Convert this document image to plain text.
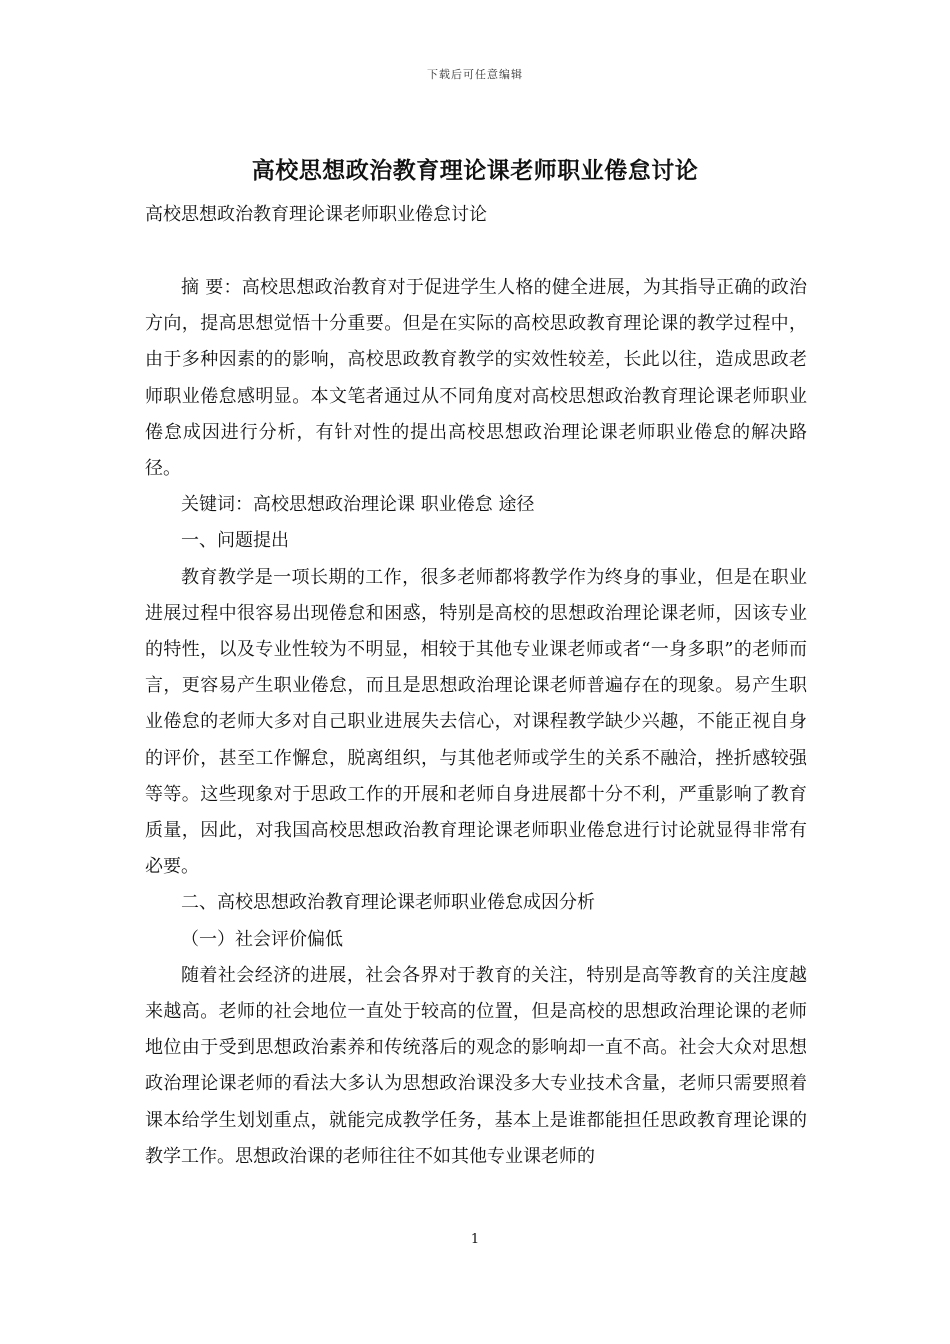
下载后可任意编辑
高校思想政治教育理论课老师职业倦怠讨论
高校思想政治教育理论课老师职业倦怠讨论

摘 要：高校思想政治教育对于促进学生人格的健全进展，为其指导正确的政治方向，提高思想觉悟十分重要。但是在实际的高校思政教育理论课的教学过程中，由于多种因素的的影响，高校思政教育教学的实效性较差，长此以往，造成思政老师职业倦怠感明显。本文笔者通过从不同角度对高校思想政治教育理论课老师职业倦怠成因进行分析，有针对性的提出高校思想政治理论课老师职业倦怠的解决路径。

关键词：高校思想政治理论课 职业倦怠 途径

一、问题提出

教育教学是一项长期的工作，很多老师都将教学作为终身的事业，但是在职业进展过程中很容易出现倦怠和困惑，特别是高校的思想政治理论课老师，因该专业的特性，以及专业性较为不明显，相较于其他专业课老师或者“一身多职”的老师而言，更容易产生职业倦怠，而且是思想政治理论课老师普遍存在的现象。易产生职业倦怠的老师大多对自己职业进展失去信心，对课程教学缺少兴趣，不能正视自身的评价，甚至工作懈怠，脱离组织，与其他老师或学生的关系不融洽，挫折感较强等等。这些现象对于思政工作的开展和老师自身进展都十分不利，严重影响了教育质量，因此，对我国高校思想政治教育理论课老师职业倦怠进行讨论就显得非常有必要。

二、高校思想政治教育理论课老师职业倦怠成因分析

（一）社会评价偏低

随着社会经济的进展，社会各界对于教育的关注，特别是高等教育的关注度越来越高。老师的社会地位一直处于较高的位置，但是高校的思想政治理论课的老师地位由于受到思想政治素养和传统落后的观念的影响却一直不高。社会大众对思想政治理论课老师的看法大多认为思想政治课没多大专业技术含量，老师只需要照着课本给学生划划重点，就能完成教学任务，基本上是谁都能担任思政教育理论课的教学工作。思想政治课的老师往往不如其他专业课老师的

1
